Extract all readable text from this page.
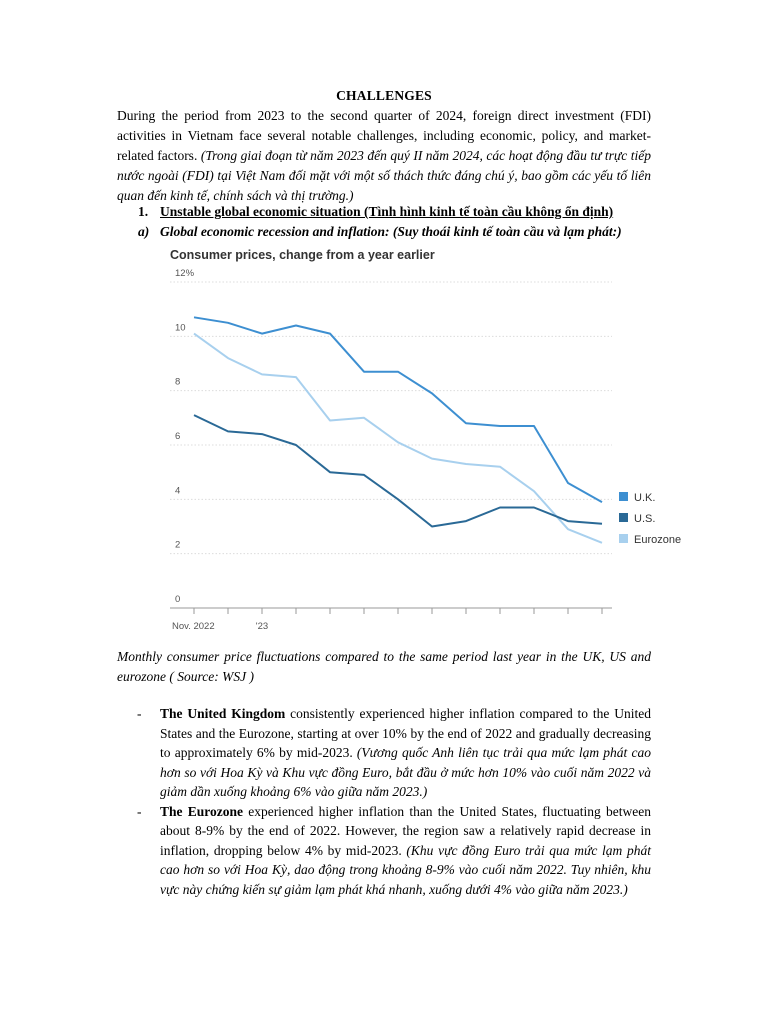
CHALLENGES
During the period from 2023 to the second quarter of 2024, foreign direct investment (FDI) activities in Vietnam face several notable challenges, including economic, policy, and market-related factors. (Trong giai đoạn từ năm 2023 đến quý II năm 2024, các hoạt động đầu tư trực tiếp nước ngoài (FDI) tại Việt Nam đối mặt với một số thách thức đáng chú ý, bao gồm các yếu tố liên quan đến kinh tế, chính sách và thị trường.)
1. Unstable global economic situation (Tình hình kinh tế toàn cầu không ổn định)
a) Global economic recession and inflation: (Suy thoái kinh tế toàn cầu và lạm phát:)
Consumer prices, change from a year earlier
0
2
4
6
8
10
12%
Nov. 2022	'23
U.K.
U.S.
Eurozone
Monthly consumer price fluctuations compared to the same period last year in the UK, US and eurozone ( Source: WSJ )
- The United Kingdom consistently experienced higher inflation compared to the United States and the Eurozone, starting at over 10% by the end of 2022 and gradually decreasing to approximately 6% by mid-2023. (Vương quốc Anh liên tục trải qua mức lạm phát cao hơn so với Hoa Kỳ và Khu vực đồng Euro, bắt đầu ở mức hơn 10% vào cuối năm 2022 và giảm dần xuống khoảng 6% vào giữa năm 2023.)
- The Eurozone experienced higher inflation than the United States, fluctuating between about 8-9% by the end of 2022. However, the region saw a relatively rapid decrease in inflation, dropping below 4% by mid-2023. (Khu vực đồng Euro trải qua mức lạm phát cao hơn so với Hoa Kỳ, dao động trong khoảng 8-9% vào cuối năm 2022. Tuy nhiên, khu vực này chứng kiến sự giảm lạm phát khá nhanh, xuống dưới 4% vào giữa năm 2023.)
